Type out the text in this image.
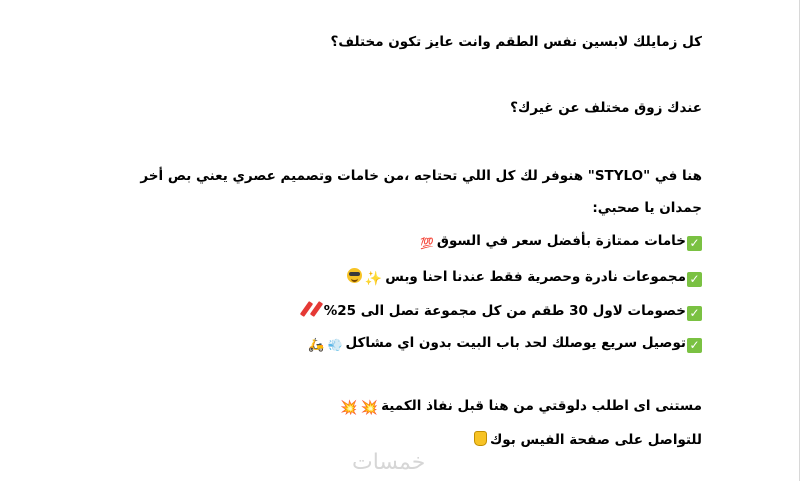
كل زمايلك لابسين نفس الطقم وانت عايز تكون مختلف؟
عندك زوق مختلف عن غيرك؟
هنا في "STYLO" هنوفر لك كل اللي تحتاجه ،من خامات وتصميم عصري يعني بص أخر جمدان يا صحبي:
✓خامات ممتازة بأفضل سعر في السوق💯
✓مجموعات نادرة وحصرية فقط عندنا احنا وبس✨
✓خصومات لاول 30 طقم من كل مجموعة تصل الى 25%
✓توصيل سريع يوصلك لحد باب البيت بدون اي مشاكل💨🛵
مستنى اى اطلب دلوقتي من هنا قبل نفاذ الكمية💥💥
للتواصل على صفحة الفيس بوك
خمسات
